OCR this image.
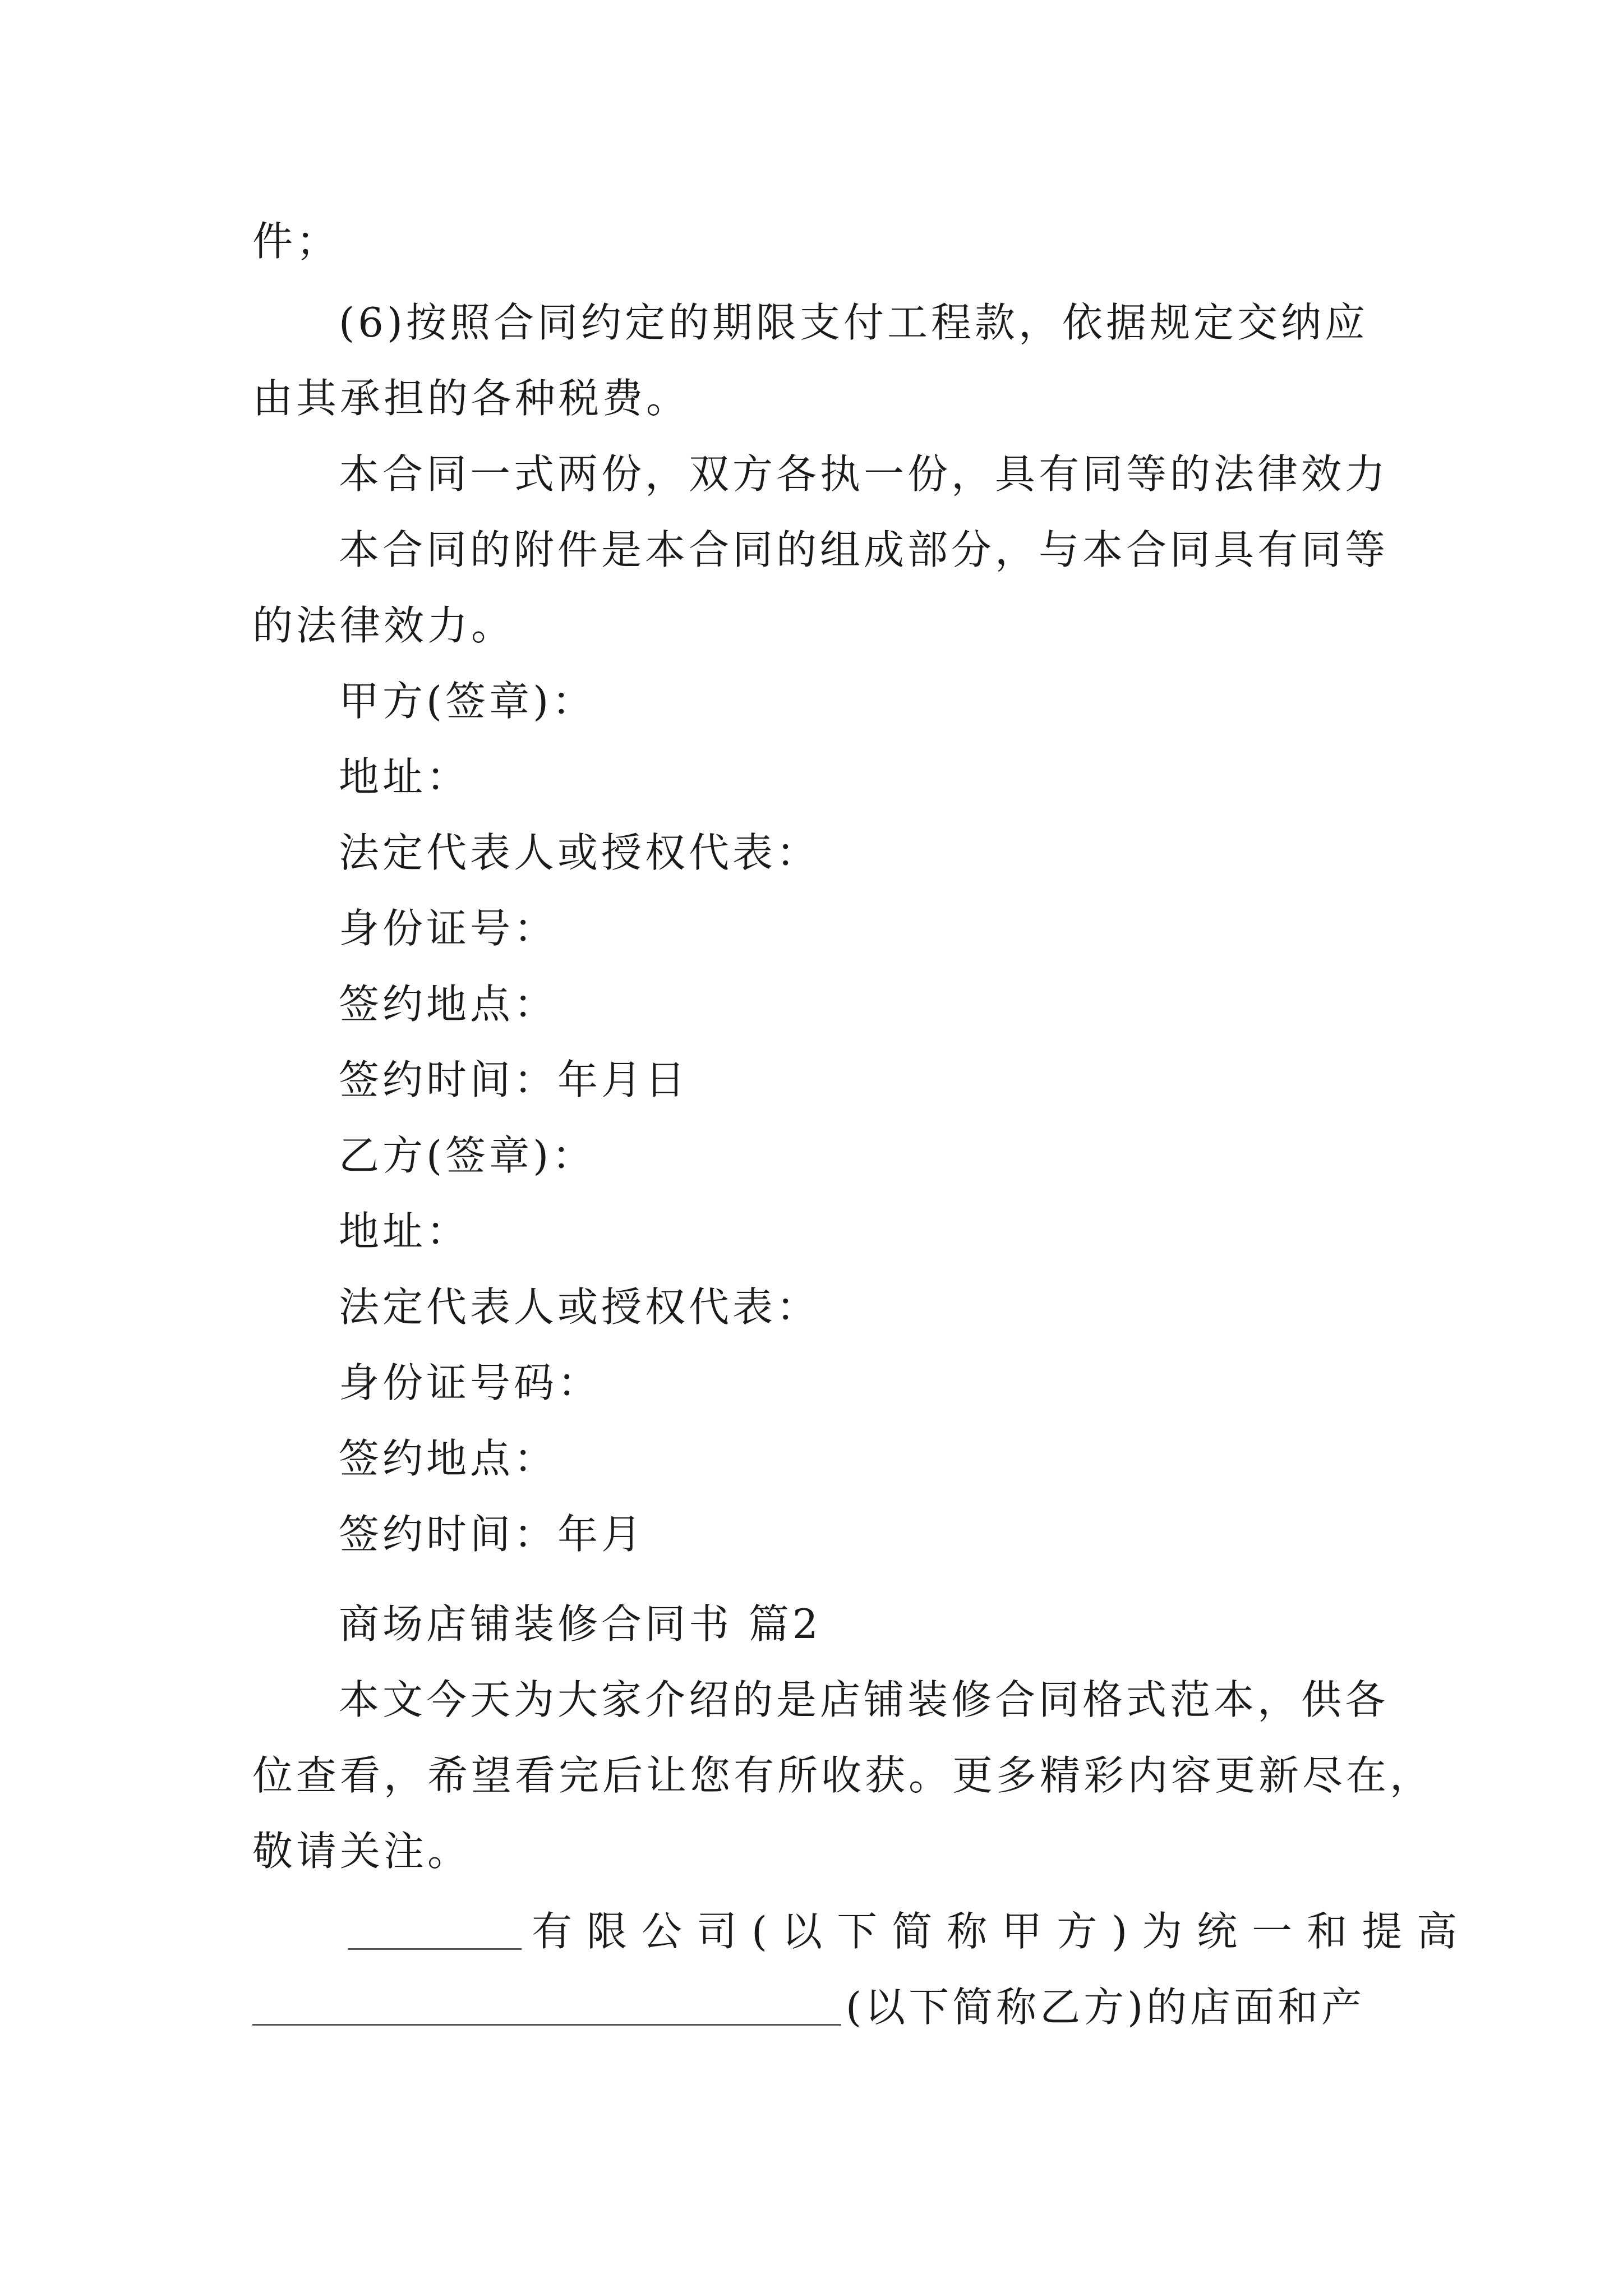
件；
(6)按照合同约定的期限支付工程款，依据规定交纳应
由其承担的各种税费。
本合同一式两份，双方各执一份，具有同等的法律效力
本合同的附件是本合同的组成部分，与本合同具有同等
的法律效力。
甲方(签章)：
地址：
法定代表人或授权代表：
身份证号：
签约地点：
签约时间：年月日
乙方(签章)：
地址：
法定代表人或授权代表：
身份证号码：
签约地点：
签约时间：年月
商场店铺装修合同书 篇2
本文今天为大家介绍的是店铺装修合同格式范本，供各
位查看，希望看完后让您有所收获。更多精彩内容更新尽在，
敬请关注。
有限公司(以下简称甲方)为统一和提高
(以下简称乙方)的店面和产
